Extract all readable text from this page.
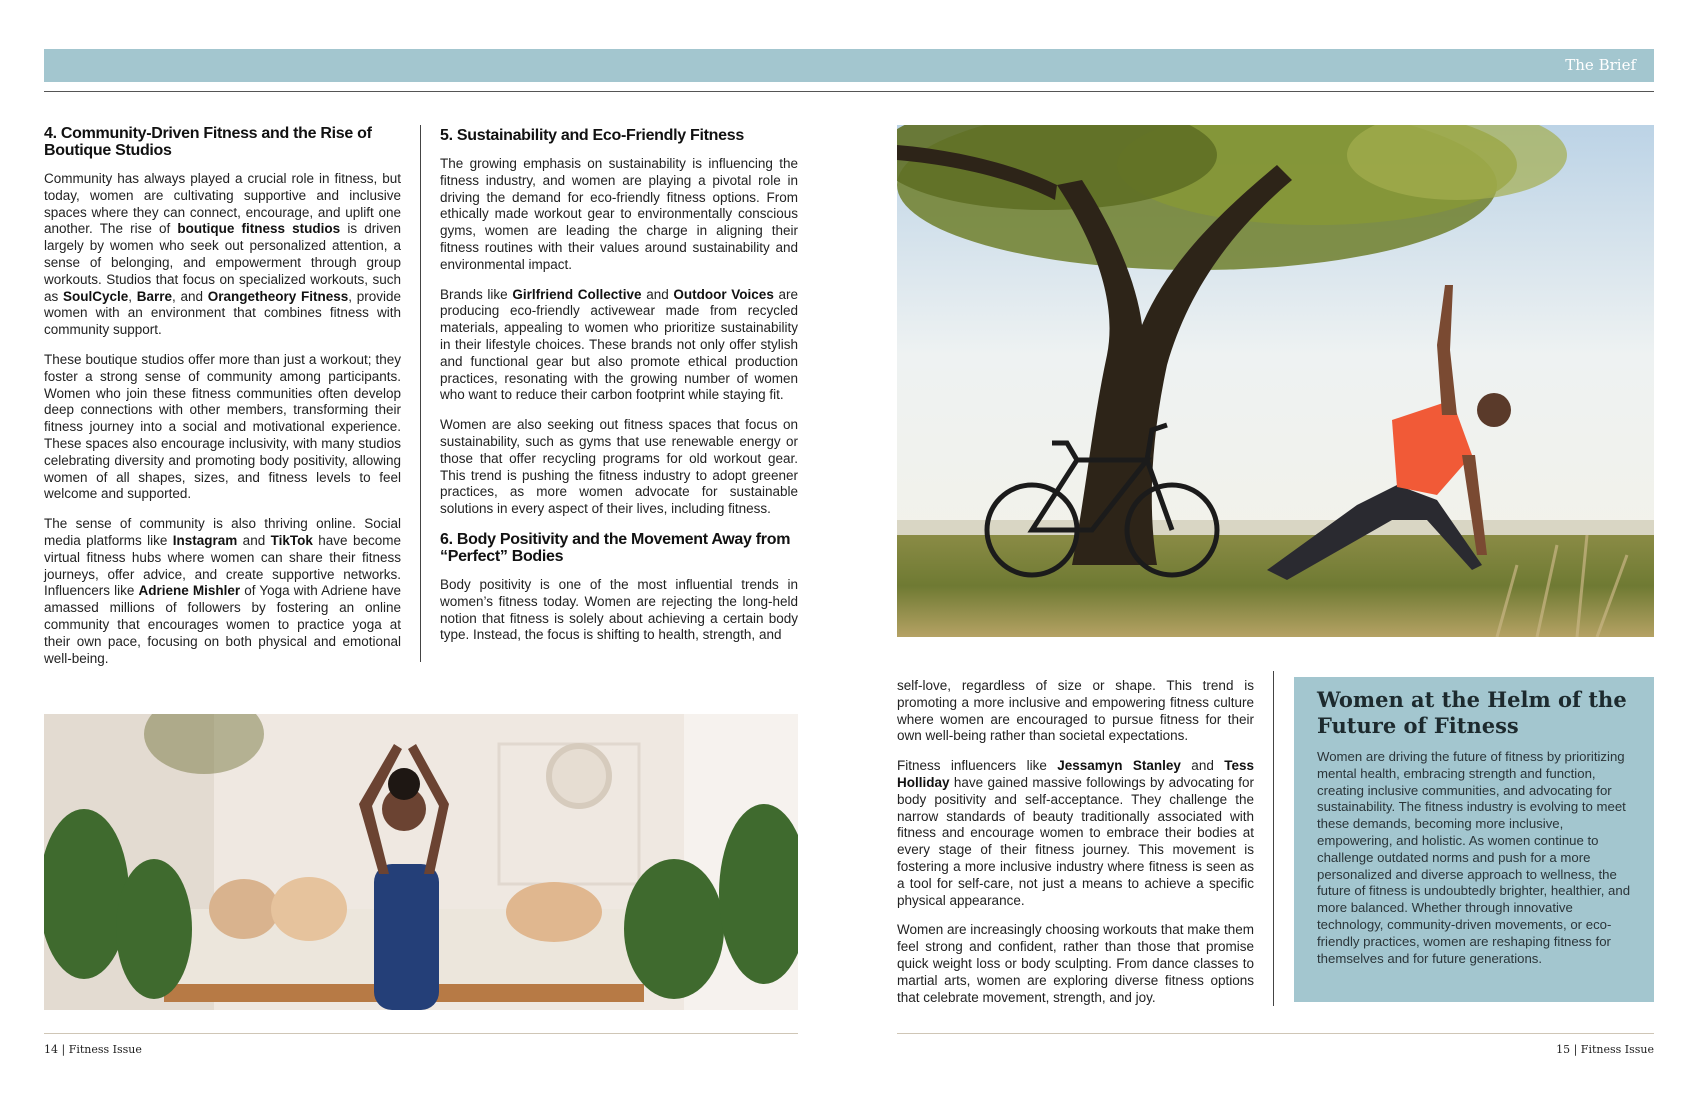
The Brief
4. Community-Driven Fitness and the Rise of Boutique Studios

Community has always played a crucial role in fitness, but today, women are cultivating supportive and inclusive spaces where they can connect, encourage, and uplift one another. The rise of boutique fitness studios is driven largely by women who seek out personalized attention, a sense of belonging, and empowerment through group workouts. Studios that focus on specialized workouts, such as SoulCycle, Barre, and Orangetheory Fitness, provide women with an environment that combines fitness with community support.

These boutique studios offer more than just a workout; they foster a strong sense of community among participants. Women who join these fitness communities often develop deep connections with other members, transforming their fitness journey into a social and motivational experience. These spaces also encourage inclusivity, with many studios celebrating diversity and promoting body positivity, allowing women of all shapes, sizes, and fitness levels to feel welcome and supported.

The sense of community is also thriving online. Social media platforms like Instagram and TikTok have become virtual fitness hubs where women can share their fitness journeys, offer advice, and create supportive networks. Influencers like Adriene Mishler of Yoga with Adriene have amassed millions of followers by fostering an online community that encourages women to practice yoga at their own pace, focusing on both physical and emotional well-being.

5. Sustainability and Eco-Friendly Fitness

The growing emphasis on sustainability is influencing the fitness industry, and women are playing a pivotal role in driving the demand for eco-friendly fitness options. From ethically made workout gear to environmentally conscious gyms, women are leading the charge in aligning their fitness routines with their values around sustainability and environmental impact.

Brands like Girlfriend Collective and Outdoor Voices are producing eco-friendly activewear made from recycled materials, appealing to women who prioritize sustainability in their lifestyle choices. These brands not only offer stylish and functional gear but also promote ethical production practices, resonating with the growing number of women who want to reduce their carbon footprint while staying fit.

Women are also seeking out fitness spaces that focus on sustainability, such as gyms that use renewable energy or those that offer recycling programs for old workout gear. This trend is pushing the fitness industry to adopt greener practices, as more women advocate for sustainable solutions in every aspect of their lives, including fitness.

6. Body Positivity and the Movement Away from “Perfect” Bodies

Body positivity is one of the most influential trends in women’s fitness today. Women are rejecting the long-held notion that fitness is solely about achieving a certain body type. Instead, the focus is shifting to health, strength, and

self-love, regardless of size or shape. This trend is promoting a more inclusive and empowering fitness culture where women are encouraged to pursue fitness for their own well-being rather than societal expectations.

Fitness influencers like Jessamyn Stanley and Tess Holliday have gained massive followings by advocating for body positivity and self-acceptance. They challenge the narrow standards of beauty traditionally associated with fitness and encourage women to embrace their bodies at every stage of their fitness journey. This movement is fostering a more inclusive industry where fitness is seen as a tool for self-care, not just a means to achieve a specific physical appearance.

Women are increasingly choosing workouts that make them feel strong and confident, rather than those that promise quick weight loss or body sculpting. From dance classes to martial arts, women are exploring diverse fitness options that celebrate movement, strength, and joy.

Women at the Helm of the Future of Fitness

Women are driving the future of fitness by prioritizing mental health, embracing strength and function, creating inclusive communities, and advocating for sustainability. The fitness industry is evolving to meet these demands, becoming more inclusive, empowering, and holistic. As women continue to challenge outdated norms and push for a more personalized and diverse approach to wellness, the future of fitness is undoubtedly brighter, healthier, and more balanced. Whether through innovative technology, community-driven movements, or eco-friendly practices, women are reshaping fitness for themselves and for future generations.

14 | Fitness Issue	15 | Fitness Issue
